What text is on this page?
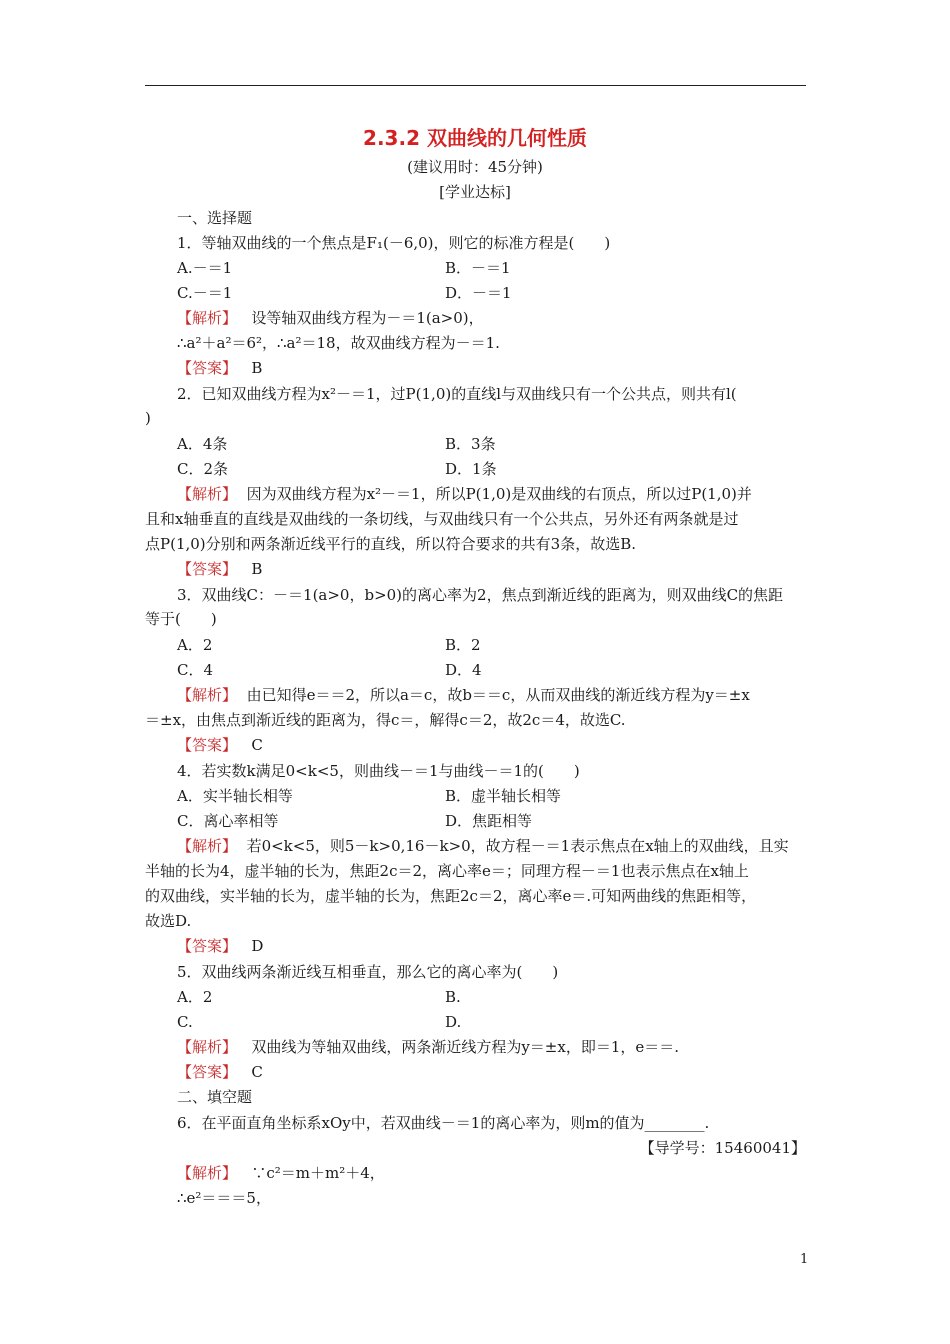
2.3.2 双曲线的几何性质
(建议用时：45分钟)
[学业达标]
一、选择题
1．等轴双曲线的一个焦点是F₁(－6,0)，则它的标准方程是(　　)
A.－＝1	B．－＝1
C.－＝1	D．－＝1
【解析】 设等轴双曲线方程为－＝1(a>0)，
∴a²＋a²＝6²，∴a²＝18，故双曲线方程为－＝1.
【答案】 B
2．已知双曲线方程为x²－＝1，过P(1,0)的直线l与双曲线只有一个公共点，则共有l(
)
A．4条	B．3条
C．2条	D．1条
【解析】 因为双曲线方程为x²－＝1，所以P(1,0)是双曲线的右顶点，所以过P(1,0)并
且和x轴垂直的直线是双曲线的一条切线，与双曲线只有一个公共点，另外还有两条就是过
点P(1,0)分别和两条渐近线平行的直线，所以符合要求的共有3条，故选B.
【答案】 B
3．双曲线C：－＝1(a>0，b>0)的离心率为2，焦点到渐近线的距离为，则双曲线C的焦距
等于(　　)
A．2	B．2
C．4	D．4
【解析】 由已知得e＝＝2，所以a＝c，故b＝＝c，从而双曲线的渐近线方程为y＝±x
＝±x，由焦点到渐近线的距离为，得c＝，解得c＝2，故2c＝4，故选C.
【答案】 C
4．若实数k满足0<k<5，则曲线－＝1与曲线－＝1的(　　)
A．实半轴长相等	B．虚半轴长相等
C．离心率相等	D．焦距相等
【解析】 若0<k<5，则5－k>0,16－k>0，故方程－＝1表示焦点在x轴上的双曲线，且实
半轴的长为4，虚半轴的长为，焦距2c＝2，离心率e＝；同理方程－＝1也表示焦点在x轴上
的双曲线，实半轴的长为，虚半轴的长为，焦距2c＝2，离心率e＝.可知两曲线的焦距相等，
故选D.
【答案】 D
5．双曲线两条渐近线互相垂直，那么它的离心率为(　　)
A．2	B.
C.	D.
【解析】 双曲线为等轴双曲线，两条渐近线方程为y＝±x，即＝1，e＝＝.
【答案】 C
二、填空题
6．在平面直角坐标系xOy中，若双曲线－＝1的离心率为，则m的值为________.
【导学号：15460041】
【解析】 ∵c²＝m＋m²＋4，
∴e²＝＝＝5，
1
